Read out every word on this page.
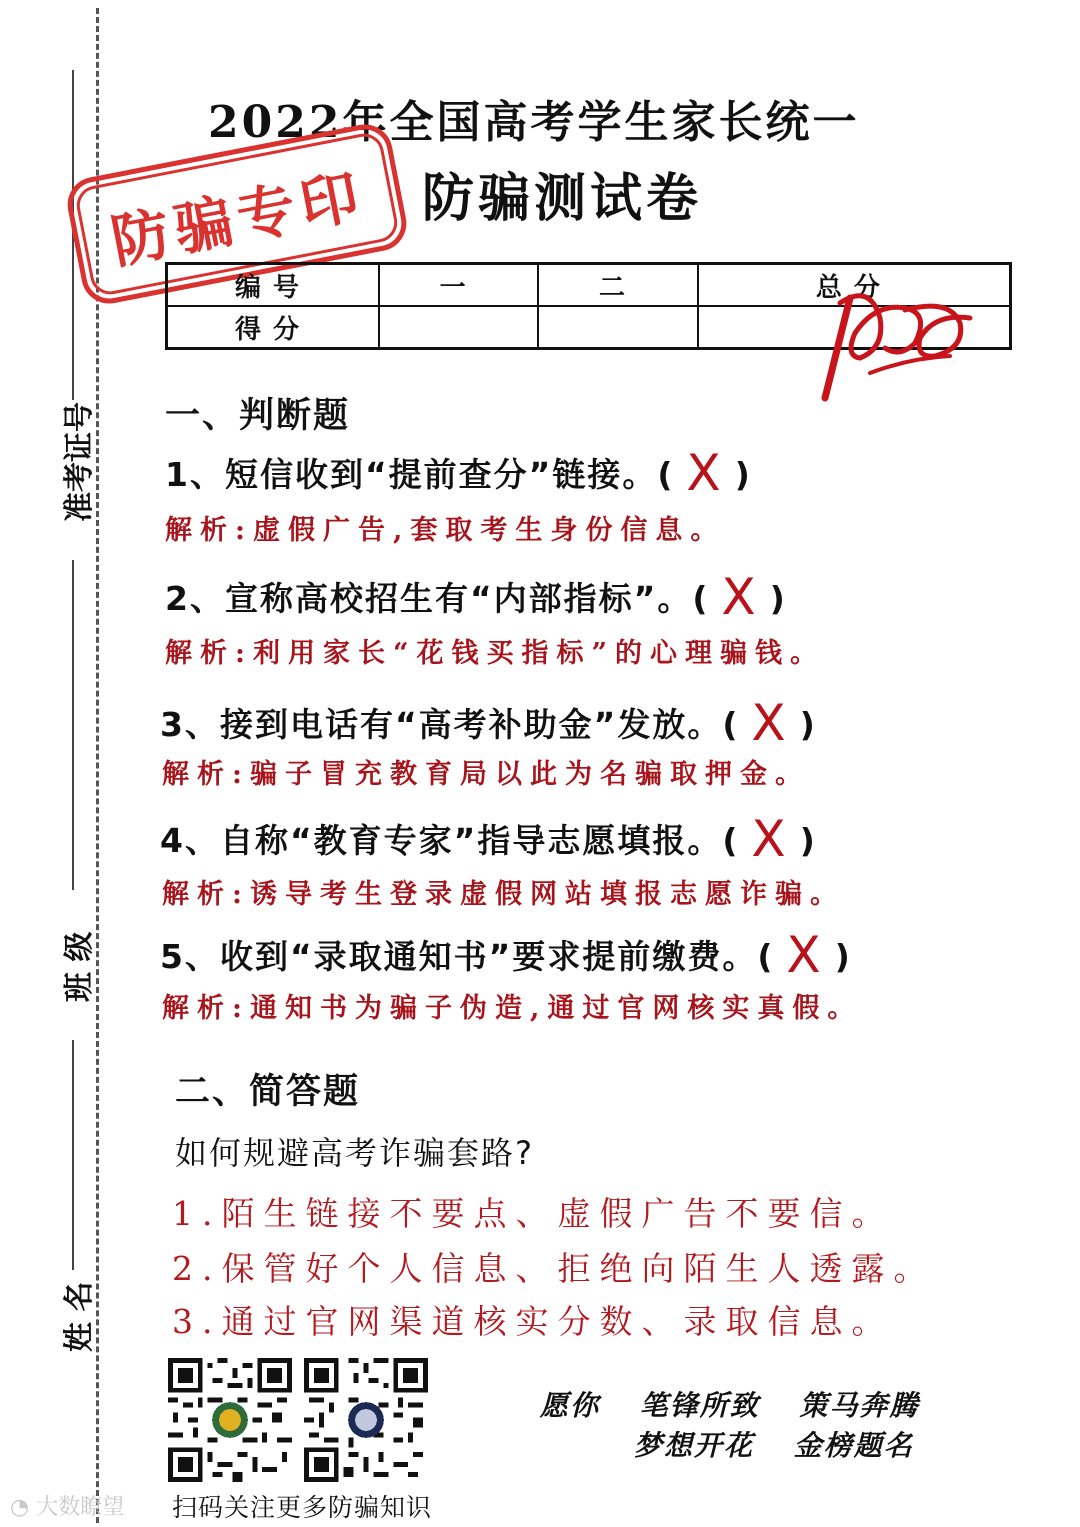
准考证号
班 级
姓 名
2022年全国高考学生家长统一
防骗测试卷
防骗专印
编号	一	二	总分
得分			
一、判断题
1、短信收到“提前查分”链接。( X )
解析:虚假广告,套取考生身份信息。
2、宣称高校招生有“内部指标”。( X )
解析:利用家长“花钱买指标”的心理骗钱。
3、接到电话有“高考补助金”发放。( X )
解析:骗子冒充教育局以此为名骗取押金。
4、自称“教育专家”指导志愿填报。( X )
解析:诱导考生登录虚假网站填报志愿诈骗。
5、收到“录取通知书”要求提前缴费。( X )
解析:通知书为骗子伪造,通过官网核实真假。
二、简答题
如何规避高考诈骗套路?
1.陌生链接不要点、虚假广告不要信。
2.保管好个人信息、拒绝向陌生人透露。
3.通过官网渠道核实分数、录取信息。
扫码关注更多防骗知识
愿你 笔锋所致 策马奔腾
梦想开花 金榜题名
◔ 大数瞭望
